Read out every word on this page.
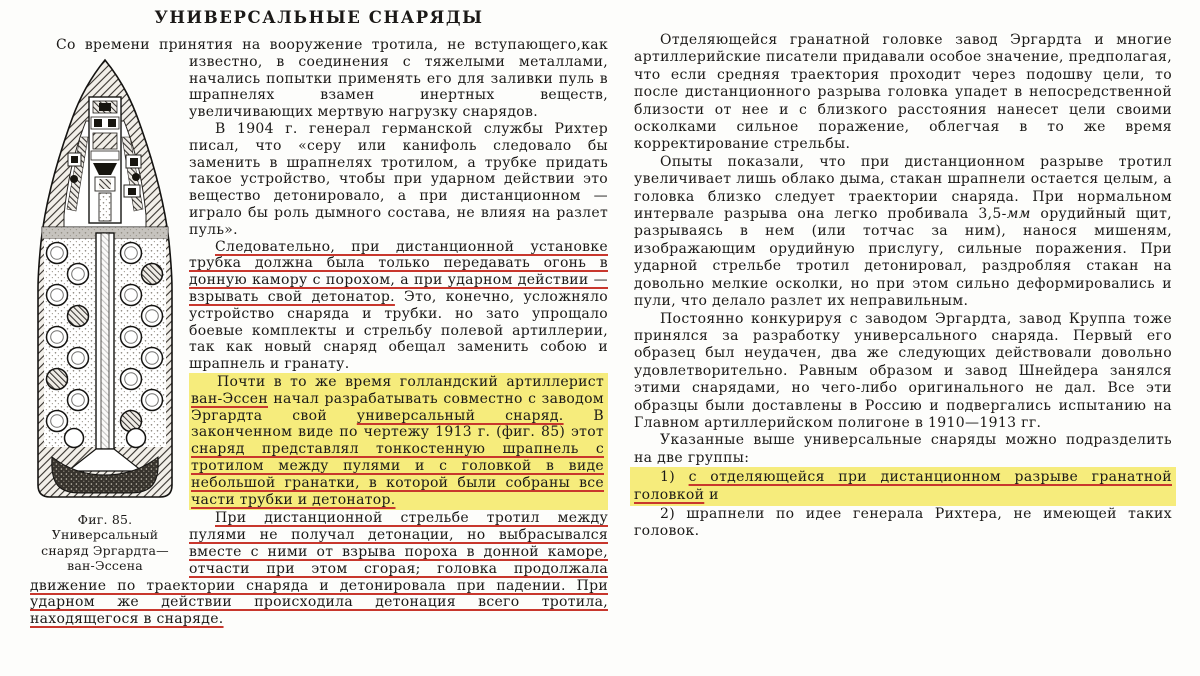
УНИВЕРСАЛЬНЫЕ СНАРЯДЫ

Со времени принятия на вооружение тротила, не вступающего,
Фиг. 85. Универсальный снаряд Эргардта—ван-Эссена
как известно, в соединения с тяжелыми металлами, начались попытки применять его для заливки пуль в шрапнелях взамен инертных веществ, увеличивающих мертвую нагрузку снарядов.

В 1904 г. генерал германской службы Рихтер писал, что «серу или канифоль следовало бы заменить в шрапнелях тротилом, а трубке придать такое устройство, чтобы при ударном действии это вещество детонировало, а при дистанционном — играло бы роль дымного состава, не влияя на разлет пуль».

Следовательно, при дистанционной установке трубка должна была только передавать огонь в донную камору с порохом, а при ударном действии — взрывать свой детонатор. Это, конечно, усложняло устройство снаряда и трубки. но зато упрощало боевые комплекты и стрельбу полевой артиллерии, так как новый снаряд обещал заменить собою и шрапнель и гранату.

Почти в то же время голландский артиллерист ван-Эссен начал разрабатывать совместно с заводом Эргардта свой универсальный снаряд. В законченном виде по чертежу 1913 г. (фиг. 85) этот снаряд представлял тонкостенную шрапнель с тротилом между пулями и с головкой в виде небольшой гранатки, в которой были собраны все части трубки и детонатор.

При дистанционной стрельбе тротил между пулями не получал детонации, но выбрасывался вместе с ними от взрыва пороха в донной каморе, отчасти при этом сгорая; головка продолжала движение по траектории снаряда и детонировала при падении. При ударном же действии происходила детонация всего тротила, находящегося в снаряде.

Отделяющейся гранатной головке завод Эргардта и многие артиллерийские писатели придавали особое значение, предполагая, что если средняя траектория проходит через подошву цели, то после дистанционного разрыва головка упадет в непосредственной близости от нее и с близкого расстояния нанесет цели своими осколками сильное поражение, облегчая в то же время корректирование стрельбы.

Опыты показали, что при дистанционном разрыве тротил увеличивает лишь облако дыма, стакан шрапнели остается целым, а головка близко следует траектории снаряда. При нормальном интервале разрыва она легко пробивала 3,5-мм орудийный щит, разрываясь в нем (или тотчас за ним), нанося мишеням, изображающим орудийную прислугу, сильные поражения. При ударной стрельбе тротил детонировал, раздробляя стакан на довольно мелкие осколки, но при этом сильно деформировались и пули, что делало разлет их неправильным.

Постоянно конкурируя с заводом Эргардта, завод Круппа тоже принялся за разработку универсального снаряда. Первый его образец был неудачен, два же следующих действовали довольно удовлетворительно. Равным образом и завод Шнейдера занялся этими снарядами, но чего-либо оригинального не дал. Все эти образцы были доставлены в Россию и подвергались испытанию на Главном артиллерийском полигоне в 1910—1913 гг.

Указанные выше универсальные снаряды можно подразделить на две группы:

1) с отделяющейся при дистанционном разрыве гранатной головкой и

2) шрапнели по идее генерала Рихтера, не имеющей таких головок.
